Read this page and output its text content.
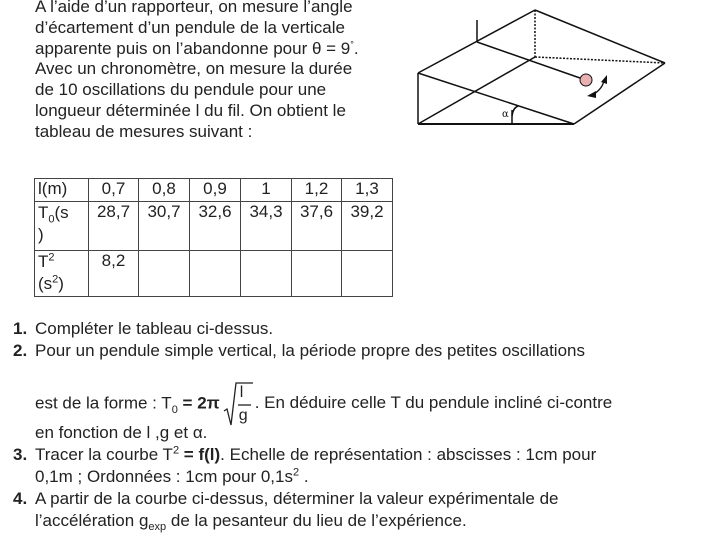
A l’aide d’un rapporteur, on mesure l’angle

d’écartement d’un pendule de la verticale

apparente puis on l’abandonne pour θ = 9°.

Avec un chronomètre, on mesure la durée

de 10 oscillations du pendule pour une

longueur déterminée l du fil. On obtient le

tableau de mesures suivant :

α
l(m)	0,7	0,8	0,9	1	1,2	1,3

$T_0(s$
)	28,7	30,7	32,6	34,3	37,6	39,2

$T^2$
$(s^2)$	8,2					
1. Compléter le tableau ci-dessus.

2. Pour un pendule simple vertical, la période propre des petites oscillations

est de la forme : $T_0 = 2\pi$
l
g
. En déduire celle T du pendule incliné ci-contre

en fonction de l ,g et α.

3. Tracer la courbe $T^2 = f(l)$. Echelle de représentation : abscisses : 1cm pour

0,1m ; Ordonnées : 1cm pour $0,1s^2$ .

4. A partir de la courbe ci-dessus, déterminer la valeur expérimentale de

l’accélération $g_{exp}$ de la pesanteur du lieu de l’expérience.
